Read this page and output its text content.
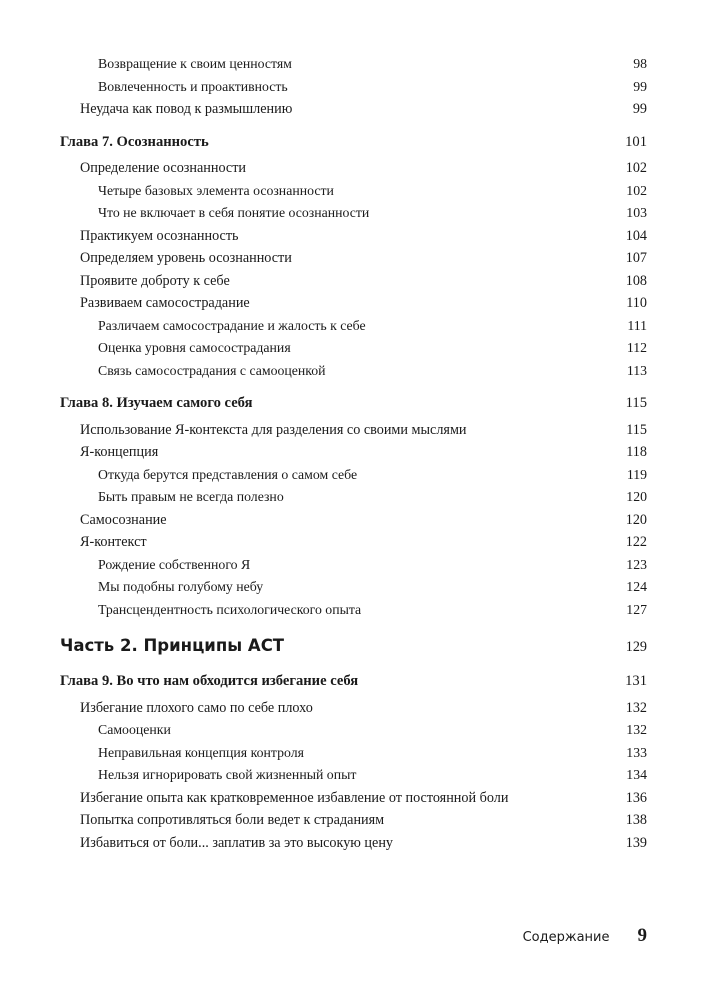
Возвращение к своим ценностям	98
Вовлеченность и проактивность	99
Неудача как повод к размышлению	99
Глава 7. Осознанность	101
Определение осознанности	102
Четыре базовых элемента осознанности	102
Что не включает в себя понятие осознанности	103
Практикуем осознанность	104
Определяем уровень осознанности	107
Проявите доброту к себе	108
Развиваем самосострадание	110
Различаем самосострадание и жалость к себе	111
Оценка уровня самосострадания	112
Связь самосострадания с самооценкой	113
Глава 8. Изучаем самого себя	115
Использование Я-контекста для разделения со своими мыслями	115
Я-концепция	118
Откуда берутся представления о самом себе	119
Быть правым не всегда полезно	120
Самосознание	120
Я-контекст	122
Рождение собственного Я	123
Мы подобны голубому небу	124
Трансцендентность психологического опыта	127
Часть 2. Принципы АСТ	129
Глава 9. Во что нам обходится избегание себя	131
Избегание плохого само по себе плохо	132
Самооценки	132
Неправильная концепция контроля	133
Нельзя игнорировать свой жизненный опыт	134
Избегание опыта как кратковременное избавление от постоянной боли	136
Попытка сопротивляться боли ведет к страданиям	138
Избавиться от боли... заплатив за это высокую цену	139
Содержание 9
